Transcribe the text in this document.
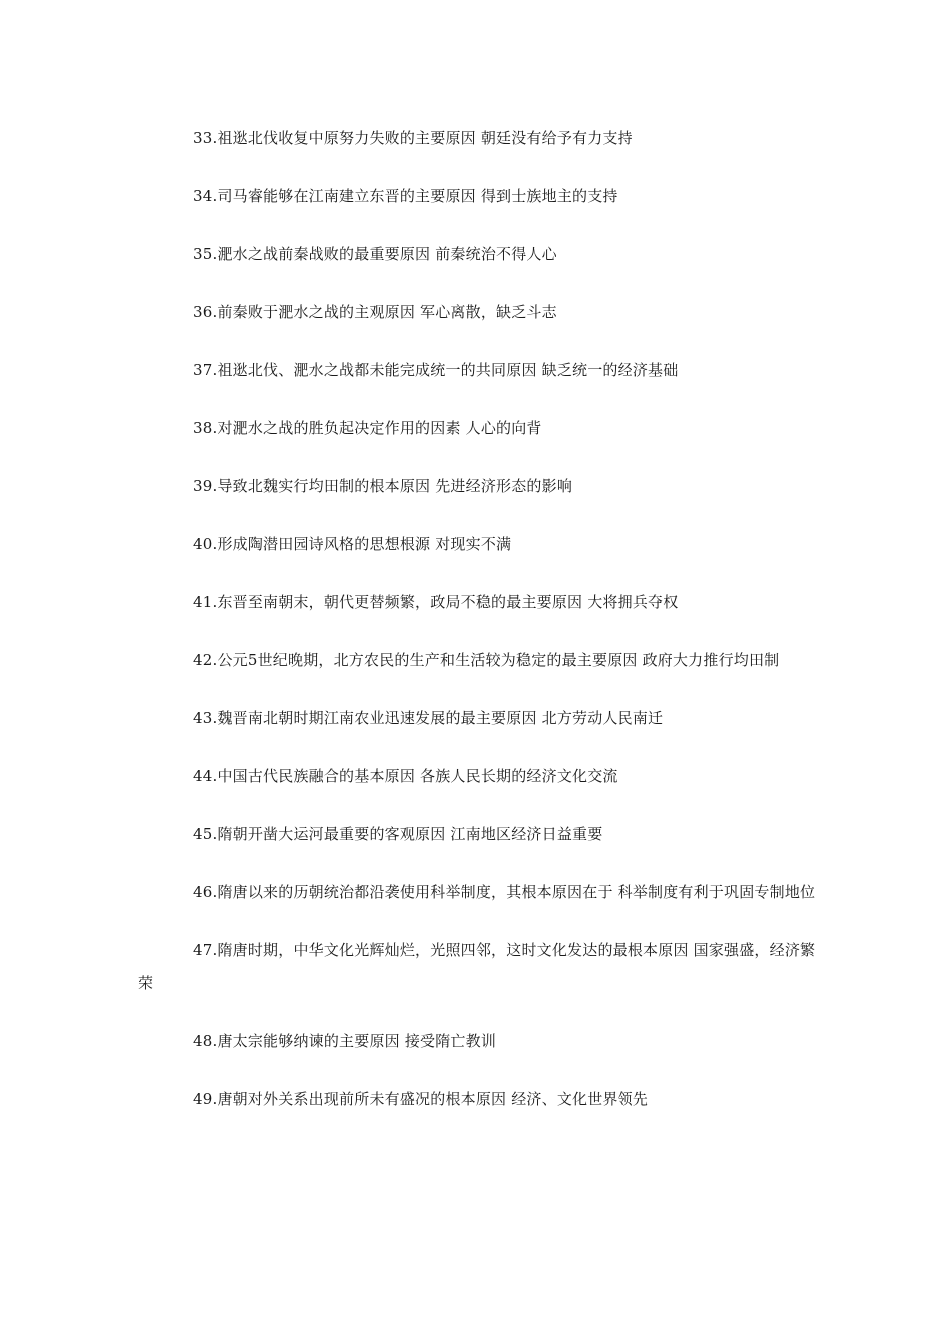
33.祖逖北伐收复中原努力失败的主要原因 朝廷没有给予有力支持

34.司马睿能够在江南建立东晋的主要原因 得到士族地主的支持

35.淝水之战前秦战败的最重要原因 前秦统治不得人心

36.前秦败于淝水之战的主观原因 军心离散，缺乏斗志

37.祖逖北伐、淝水之战都未能完成统一的共同原因 缺乏统一的经济基础

38.对淝水之战的胜负起决定作用的因素 人心的向背

39.导致北魏实行均田制的根本原因 先进经济形态的影响

40.形成陶潜田园诗风格的思想根源 对现实不满

41.东晋至南朝末，朝代更替频繁，政局不稳的最主要原因 大将拥兵夺权

42.公元5世纪晚期，北方农民的生产和生活较为稳定的最主要原因 政府大力推行均田制

43.魏晋南北朝时期江南农业迅速发展的最主要原因 北方劳动人民南迁

44.中国古代民族融合的基本原因 各族人民长期的经济文化交流

45.隋朝开凿大运河最重要的客观原因 江南地区经济日益重要

46.隋唐以来的历朝统治都沿袭使用科举制度，其根本原因在于 科举制度有利于巩固专制地位

47.隋唐时期，中华文化光辉灿烂，光照四邻，这时文化发达的最根本原因 国家强盛，经济繁荣

48.唐太宗能够纳谏的主要原因 接受隋亡教训

49.唐朝对外关系出现前所未有盛况的根本原因 经济、文化世界领先
